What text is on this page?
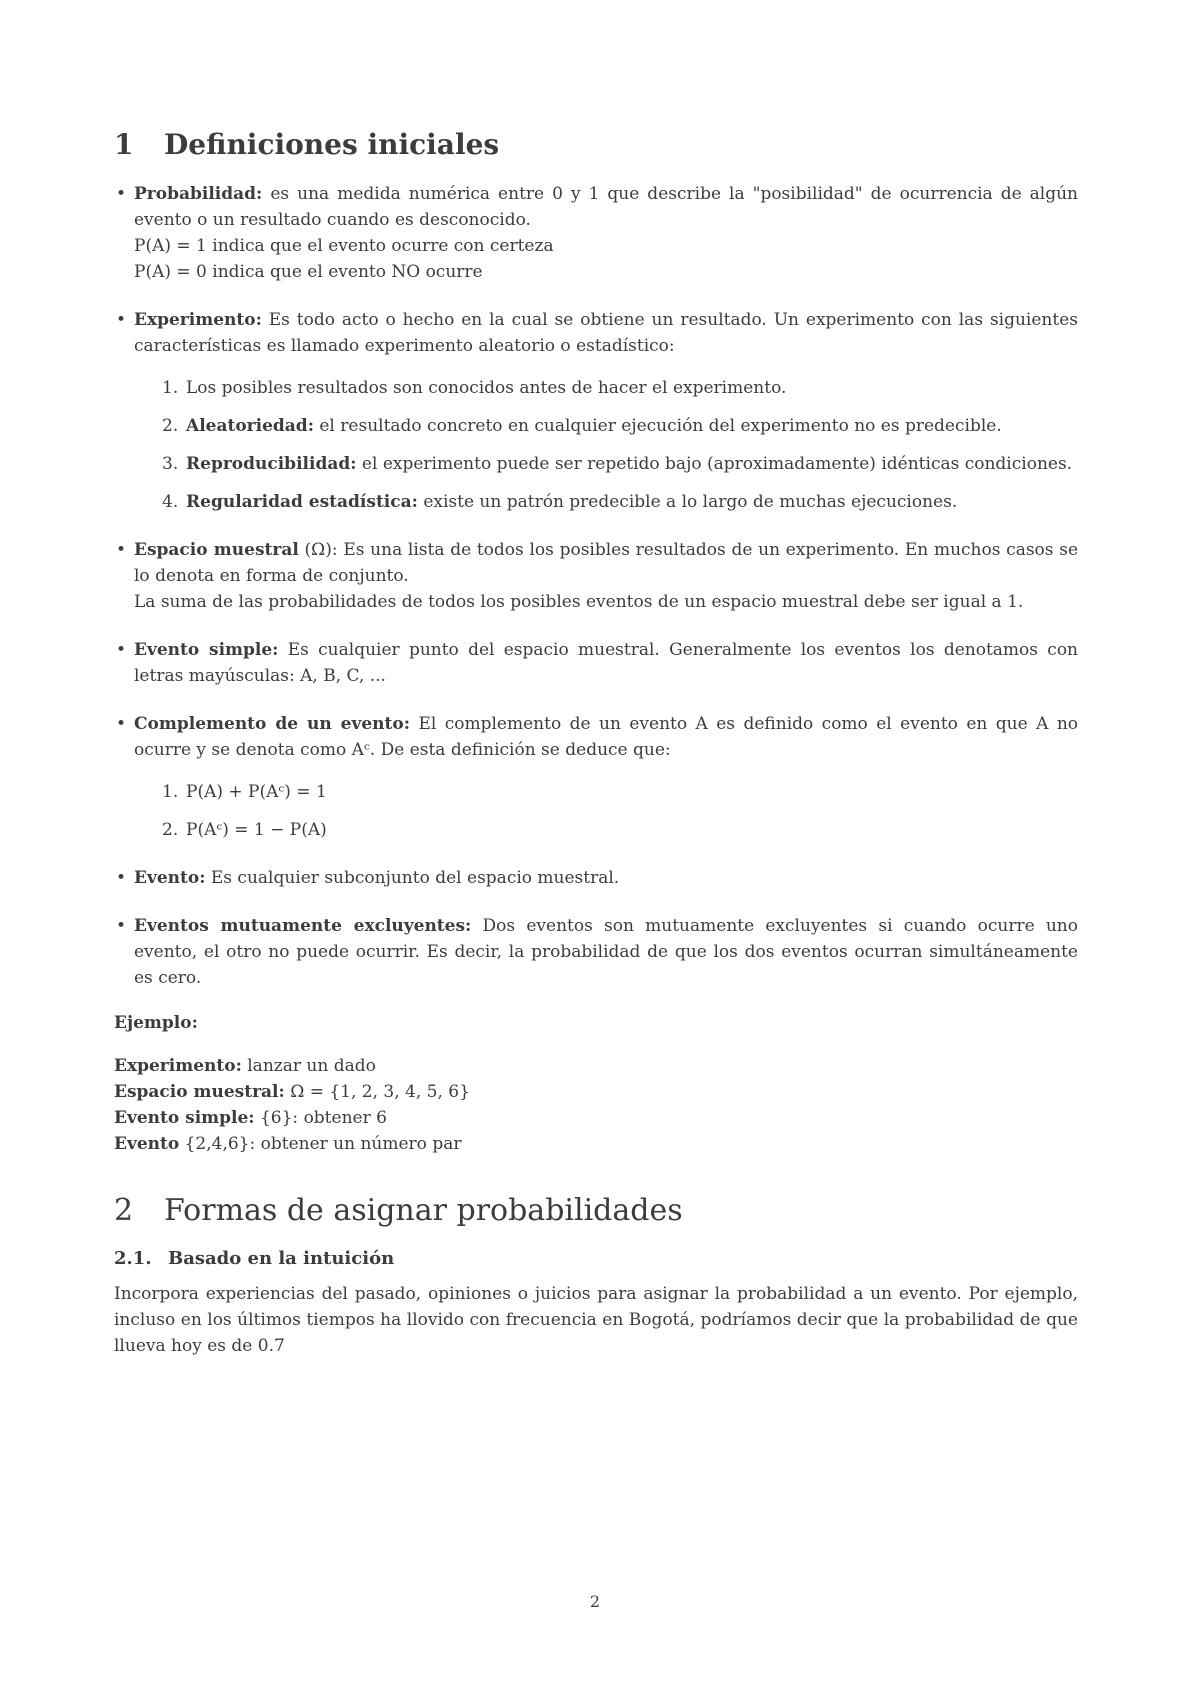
1	Definiciones iniciales
• Probabilidad: es una medida numérica entre 0 y 1 que describe la "posibilidad" de ocurrencia de algún evento o un resultado cuando es desconocido.
P(A) = 1 indica que el evento ocurre con certeza
P(A) = 0 indica que el evento NO ocurre
• Experimento: Es todo acto o hecho en la cual se obtiene un resultado. Un experimento con las siguientes características es llamado experimento aleatorio o estadístico:
1. Los posibles resultados son conocidos antes de hacer el experimento.
2. Aleatoriedad: el resultado concreto en cualquier ejecución del experimento no es predecible.
3. Reproducibilidad: el experimento puede ser repetido bajo (aproximadamente) idénticas condiciones.
4. Regularidad estadística: existe un patrón predecible a lo largo de muchas ejecuciones.
• Espacio muestral (Ω): Es una lista de todos los posibles resultados de un experimento. En muchos casos se lo denota en forma de conjunto.
La suma de las probabilidades de todos los posibles eventos de un espacio muestral debe ser igual a 1.
• Evento simple: Es cualquier punto del espacio muestral. Generalmente los eventos los denotamos con letras mayúsculas: A, B, C, ...
• Complemento de un evento: El complemento de un evento A es definido como el evento en que A no ocurre y se denota como Aᶜ. De esta definición se deduce que:
1. P(A) + P(Aᶜ) = 1
2. P(Aᶜ) = 1 − P(A)
• Evento: Es cualquier subconjunto del espacio muestral.
• Eventos mutuamente excluyentes: Dos eventos son mutuamente excluyentes si cuando ocurre uno evento, el otro no puede ocurrir. Es decir, la probabilidad de que los dos eventos ocurran simultáneamente es cero.
Ejemplo:
Experimento: lanzar un dado
Espacio muestral: Ω = {1, 2, 3, 4, 5, 6}
Evento simple: {6}: obtener 6
Evento {2,4,6}: obtener un número par
2	Formas de asignar probabilidades
2.1. Basado en la intuición

Incorpora experiencias del pasado, opiniones o juicios para asignar la probabilidad a un evento. Por ejemplo, incluso en los últimos tiempos ha llovido con frecuencia en Bogotá, podríamos decir que la probabilidad de que llueva hoy es de 0.7

2
